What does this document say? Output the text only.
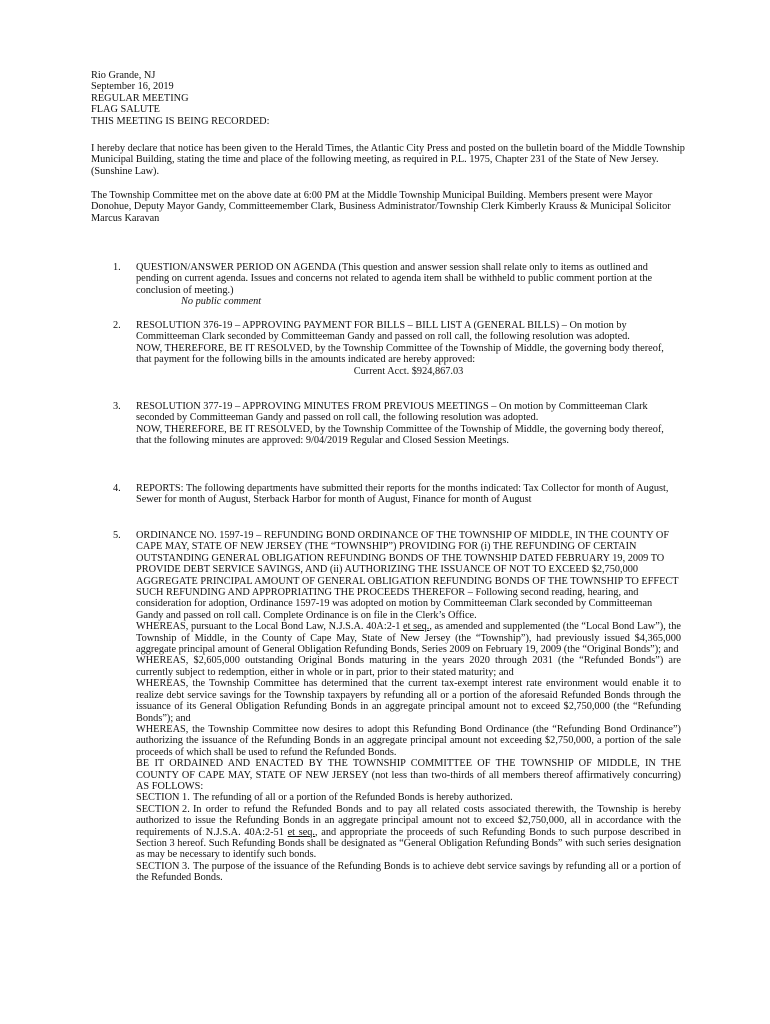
Rio Grande, NJ
September 16, 2019
REGULAR MEETING
FLAG SALUTE
THIS MEETING IS BEING RECORDED:
I hereby declare that notice has been given to the Herald Times, the Atlantic City Press and posted on the bulletin board of the Middle Township Municipal Building, stating the time and place of the following meeting, as required in P.L. 1975, Chapter 231 of the State of New Jersey. (Sunshine Law).
The Township Committee met on the above date at 6:00 PM at the Middle Township Municipal Building. Members present were Mayor Donohue, Deputy Mayor Gandy, Committeemember Clark, Business Administrator/Township Clerk Kimberly Krauss & Municipal Solicitor Marcus Karavan
1. QUESTION/ANSWER PERIOD ON AGENDA (This question and answer session shall relate only to items as outlined and pending on current agenda. Issues and concerns not related to agenda item shall be withheld to public comment portion at the conclusion of meeting.)
No public comment
2. RESOLUTION 376-19 – APPROVING PAYMENT FOR BILLS – BILL LIST A (GENERAL BILLS) – On motion by Committeeman Clark seconded by Committeeman Gandy and passed on roll call, the following resolution was adopted.
NOW, THEREFORE, BE IT RESOLVED, by the Township Committee of the Township of Middle, the governing body thereof, that payment for the following bills in the amounts indicated are hereby approved:
Current Acct. $924,867.03
3. RESOLUTION 377-19 – APPROVING MINUTES FROM PREVIOUS MEETINGS – On motion by Committeeman Clark seconded by Committeeman Gandy and passed on roll call, the following resolution was adopted.
NOW, THEREFORE, BE IT RESOLVED, by the Township Committee of the Township of Middle, the governing body thereof, that the following minutes are approved: 9/04/2019 Regular and Closed Session Meetings.
4. REPORTS: The following departments have submitted their reports for the months indicated: Tax Collector for month of August, Sewer for month of August, Sterback Harbor for month of August, Finance for month of August
5. ORDINANCE NO. 1597-19 – REFUNDING BOND ORDINANCE OF THE TOWNSHIP OF MIDDLE, IN THE COUNTY OF CAPE MAY, STATE OF NEW JERSEY (THE “TOWNSHIP”) PROVIDING FOR (i) THE REFUNDING OF CERTAIN OUTSTANDING GENERAL OBLIGATION REFUNDING BONDS OF THE TOWNSHIP DATED FEBRUARY 19, 2009 TO PROVIDE DEBT SERVICE SAVINGS, AND (ii) AUTHORIZING THE ISSUANCE OF NOT TO EXCEED $2,750,000 AGGREGATE PRINCIPAL AMOUNT OF GENERAL OBLIGATION REFUNDING BONDS OF THE TOWNSHIP TO EFFECT SUCH REFUNDING AND APPROPRIATING THE PROCEEDS THEREFOR – Following second reading, hearing, and consideration for adoption, Ordinance 1597-19 was adopted on motion by Committeeman Clark seconded by Committeeman Gandy and passed on roll call. Complete Ordinance is on file in the Clerk’s Office.
WHEREAS, pursuant to the Local Bond Law, N.J.S.A. 40A:2-1 et seq., as amended and supplemented (the “Local Bond Law”), the Township of Middle, in the County of Cape May, State of New Jersey (the “Township”), had previously issued $4,365,000 aggregate principal amount of General Obligation Refunding Bonds, Series 2009 on February 19, 2009 (the “Original Bonds”); and
WHEREAS, $2,605,000 outstanding Original Bonds maturing in the years 2020 through 2031 (the “Refunded Bonds”) are currently subject to redemption, either in whole or in part, prior to their stated maturity; and
WHEREAS, the Township Committee has determined that the current tax-exempt interest rate environment would enable it to realize debt service savings for the Township taxpayers by refunding all or a portion of the aforesaid Refunded Bonds through the issuance of its General Obligation Refunding Bonds in an aggregate principal amount not to exceed $2,750,000 (the “Refunding Bonds”); and
WHEREAS, the Township Committee now desires to adopt this Refunding Bond Ordinance (the “Refunding Bond Ordinance”) authorizing the issuance of the Refunding Bonds in an aggregate principal amount not exceeding $2,750,000, a portion of the sale proceeds of which shall be used to refund the Refunded Bonds.
BE IT ORDAINED AND ENACTED BY THE TOWNSHIP COMMITTEE OF THE TOWNSHIP OF MIDDLE, IN THE COUNTY OF CAPE MAY, STATE OF NEW JERSEY (not less than two-thirds of all members thereof affirmatively concurring) AS FOLLOWS:
SECTION 1. The refunding of all or a portion of the Refunded Bonds is hereby authorized.
SECTION 2. In order to refund the Refunded Bonds and to pay all related costs associated therewith, the Township is hereby authorized to issue the Refunding Bonds in an aggregate principal amount not to exceed $2,750,000, all in accordance with the requirements of N.J.S.A. 40A:2-51 et seq., and appropriate the proceeds of such Refunding Bonds to such purpose described in Section 3 hereof. Such Refunding Bonds shall be designated as “General Obligation Refunding Bonds” with such series designation as may be necessary to identify such bonds.
SECTION 3. The purpose of the issuance of the Refunding Bonds is to achieve debt service savings by refunding all or a portion of the Refunded Bonds.
